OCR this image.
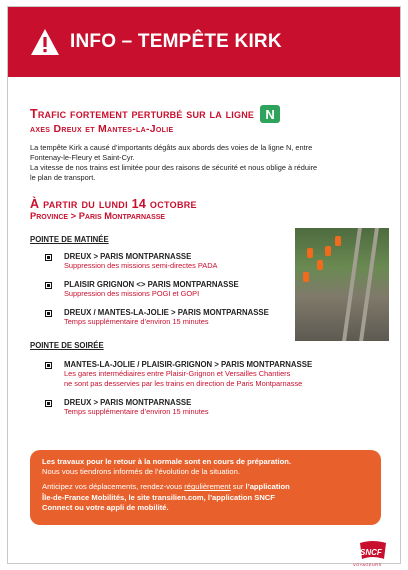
INFO – TEMPÊTE KIRK
Trafic fortement perturbé sur la ligne N
axes Dreux et Mantes-la-Jolie
La tempête Kirk a causé d’importants dégâts aux abords des voies de la ligne N, entre
Fontenay-le-Fleury et Saint-Cyr.
La vitesse de nos trains est limitée pour des raisons de sécurité et nous oblige à réduire
le plan de transport.
À partir du lundi 14 octobre
Province > Paris Montparnasse
POINTE DE MATINÉE
DREUX > PARIS MONTPARNASSE
Suppression des missions semi-directes PADA
PLAISIR GRIGNON <> PARIS MONTPARNASSE
Suppression des missions POGI et GOPI
DREUX / MANTES-LA-JOLIE > PARIS MONTPARNASSE
Temps supplémentaire d’environ 15 minutes
POINTE DE SOIRÉE
MANTES-LA-JOLIE / PLAISIR-GRIGNON > PARIS MONTPARNASSE
Les gares intermédiaires entre Plaisir-Grignon et Versailles Chantiers
ne sont pas desservies par les trains en direction de Paris Montparnasse
DREUX > PARIS MONTPARNASSE
Temps supplémentaire d’environ 15 minutes
Les travaux pour le retour à la normale sont en cours de préparation.
Nous vous tiendrons informés de l’évolution de la situation.
Anticipez vos déplacements, rendez-vous régulièrement sur l’application
Île-de-France Mobilités, le site transilien.com, l’application SNCF
Connect ou votre appli de mobilité.
SNCF
VOYAGEURS
